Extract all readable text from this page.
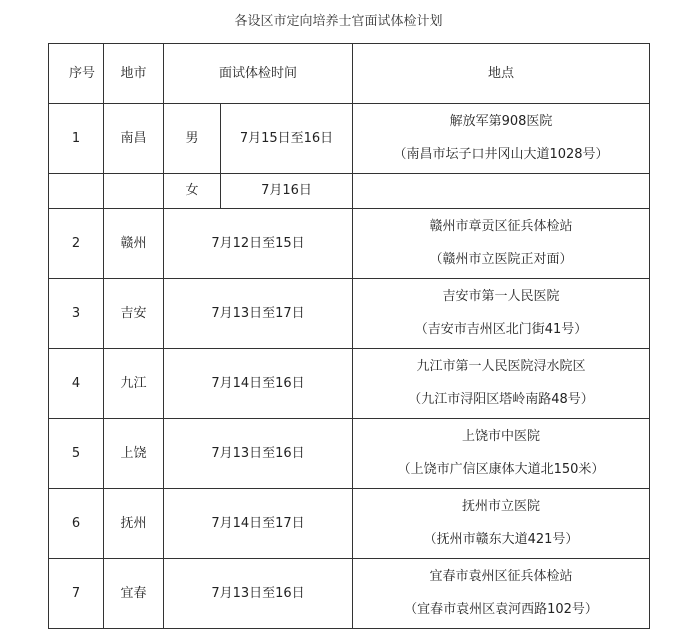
各设区市定向培养士官面试体检计划
序号	地市	面试体检时间		地点
1	南昌	男	7月15日至16日	解放军第908医院
（南昌市坛子口井冈山大道1028号）

		女	7月16日	
2	赣州	7月12日至15日		赣州市章贡区征兵体检站
（赣州市立医院正对面）

3	吉安	7月13日至17日		吉安市第一人民医院
（吉安市吉州区北门街41号）

4	九江	7月14日至16日		九江市第一人民医院浔水院区
（九江市浔阳区塔岭南路48号）

5	上饶	7月13日至16日		上饶市中医院
（上饶市广信区康体大道北150米）

6	抚州	7月14日至17日		抚州市立医院
（抚州市赣东大道421号）

7	宜春	7月13日至16日		宜春市袁州区征兵体检站
（宜春市袁州区袁河西路102号）
